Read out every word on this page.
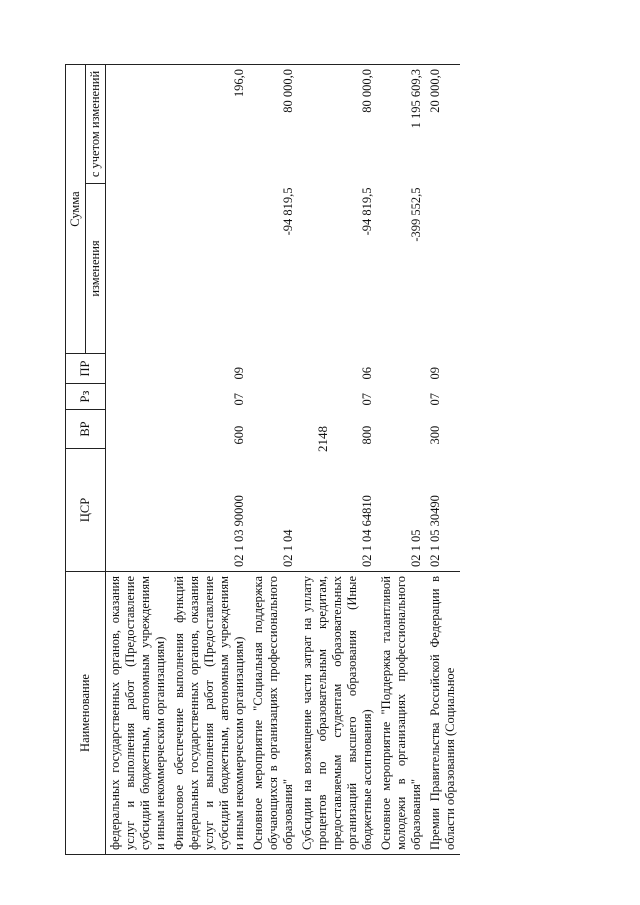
2148
Наименование	ЦСР	ВР	Рз	ПР	Сумма	
					изменения	с учетом изменений
федеральных государственных органов, оказания услуг и выполнения работ (Предоставление субсидий бюджетным, автономным учреждениям и иным некоммерческим организациям)						
Финансовое обеспечение выполнения функций федеральных государственных органов, оказания услуг и выполнения работ (Предоставление субсидий бюджетным, автономным учреждениям и иным некоммерческим организациям)	02 1 03 90000	600	07	09		196,0
Основное мероприятие "Социальная поддержка обучающихся в организациях профессионального образования"	02 1 04				-94 819,5	80 000,0
Субсидии на возмещение части затрат на уплату процентов по образовательным кредитам, предоставляемым студентам образовательных организаций высшего образования (Иные бюджетные ассигнования)	02 1 04 64810	800	07	06	-94 819,5	80 000,0
Основное мероприятие "Поддержка талантливой молодежи в организациях профессионального образования"	02 1 05				-399 552,5	1 195 609,3
Премии Правительства Российской Федерации в области образования (Социальное	02 1 05 30490	300	07	09		20 000,0
